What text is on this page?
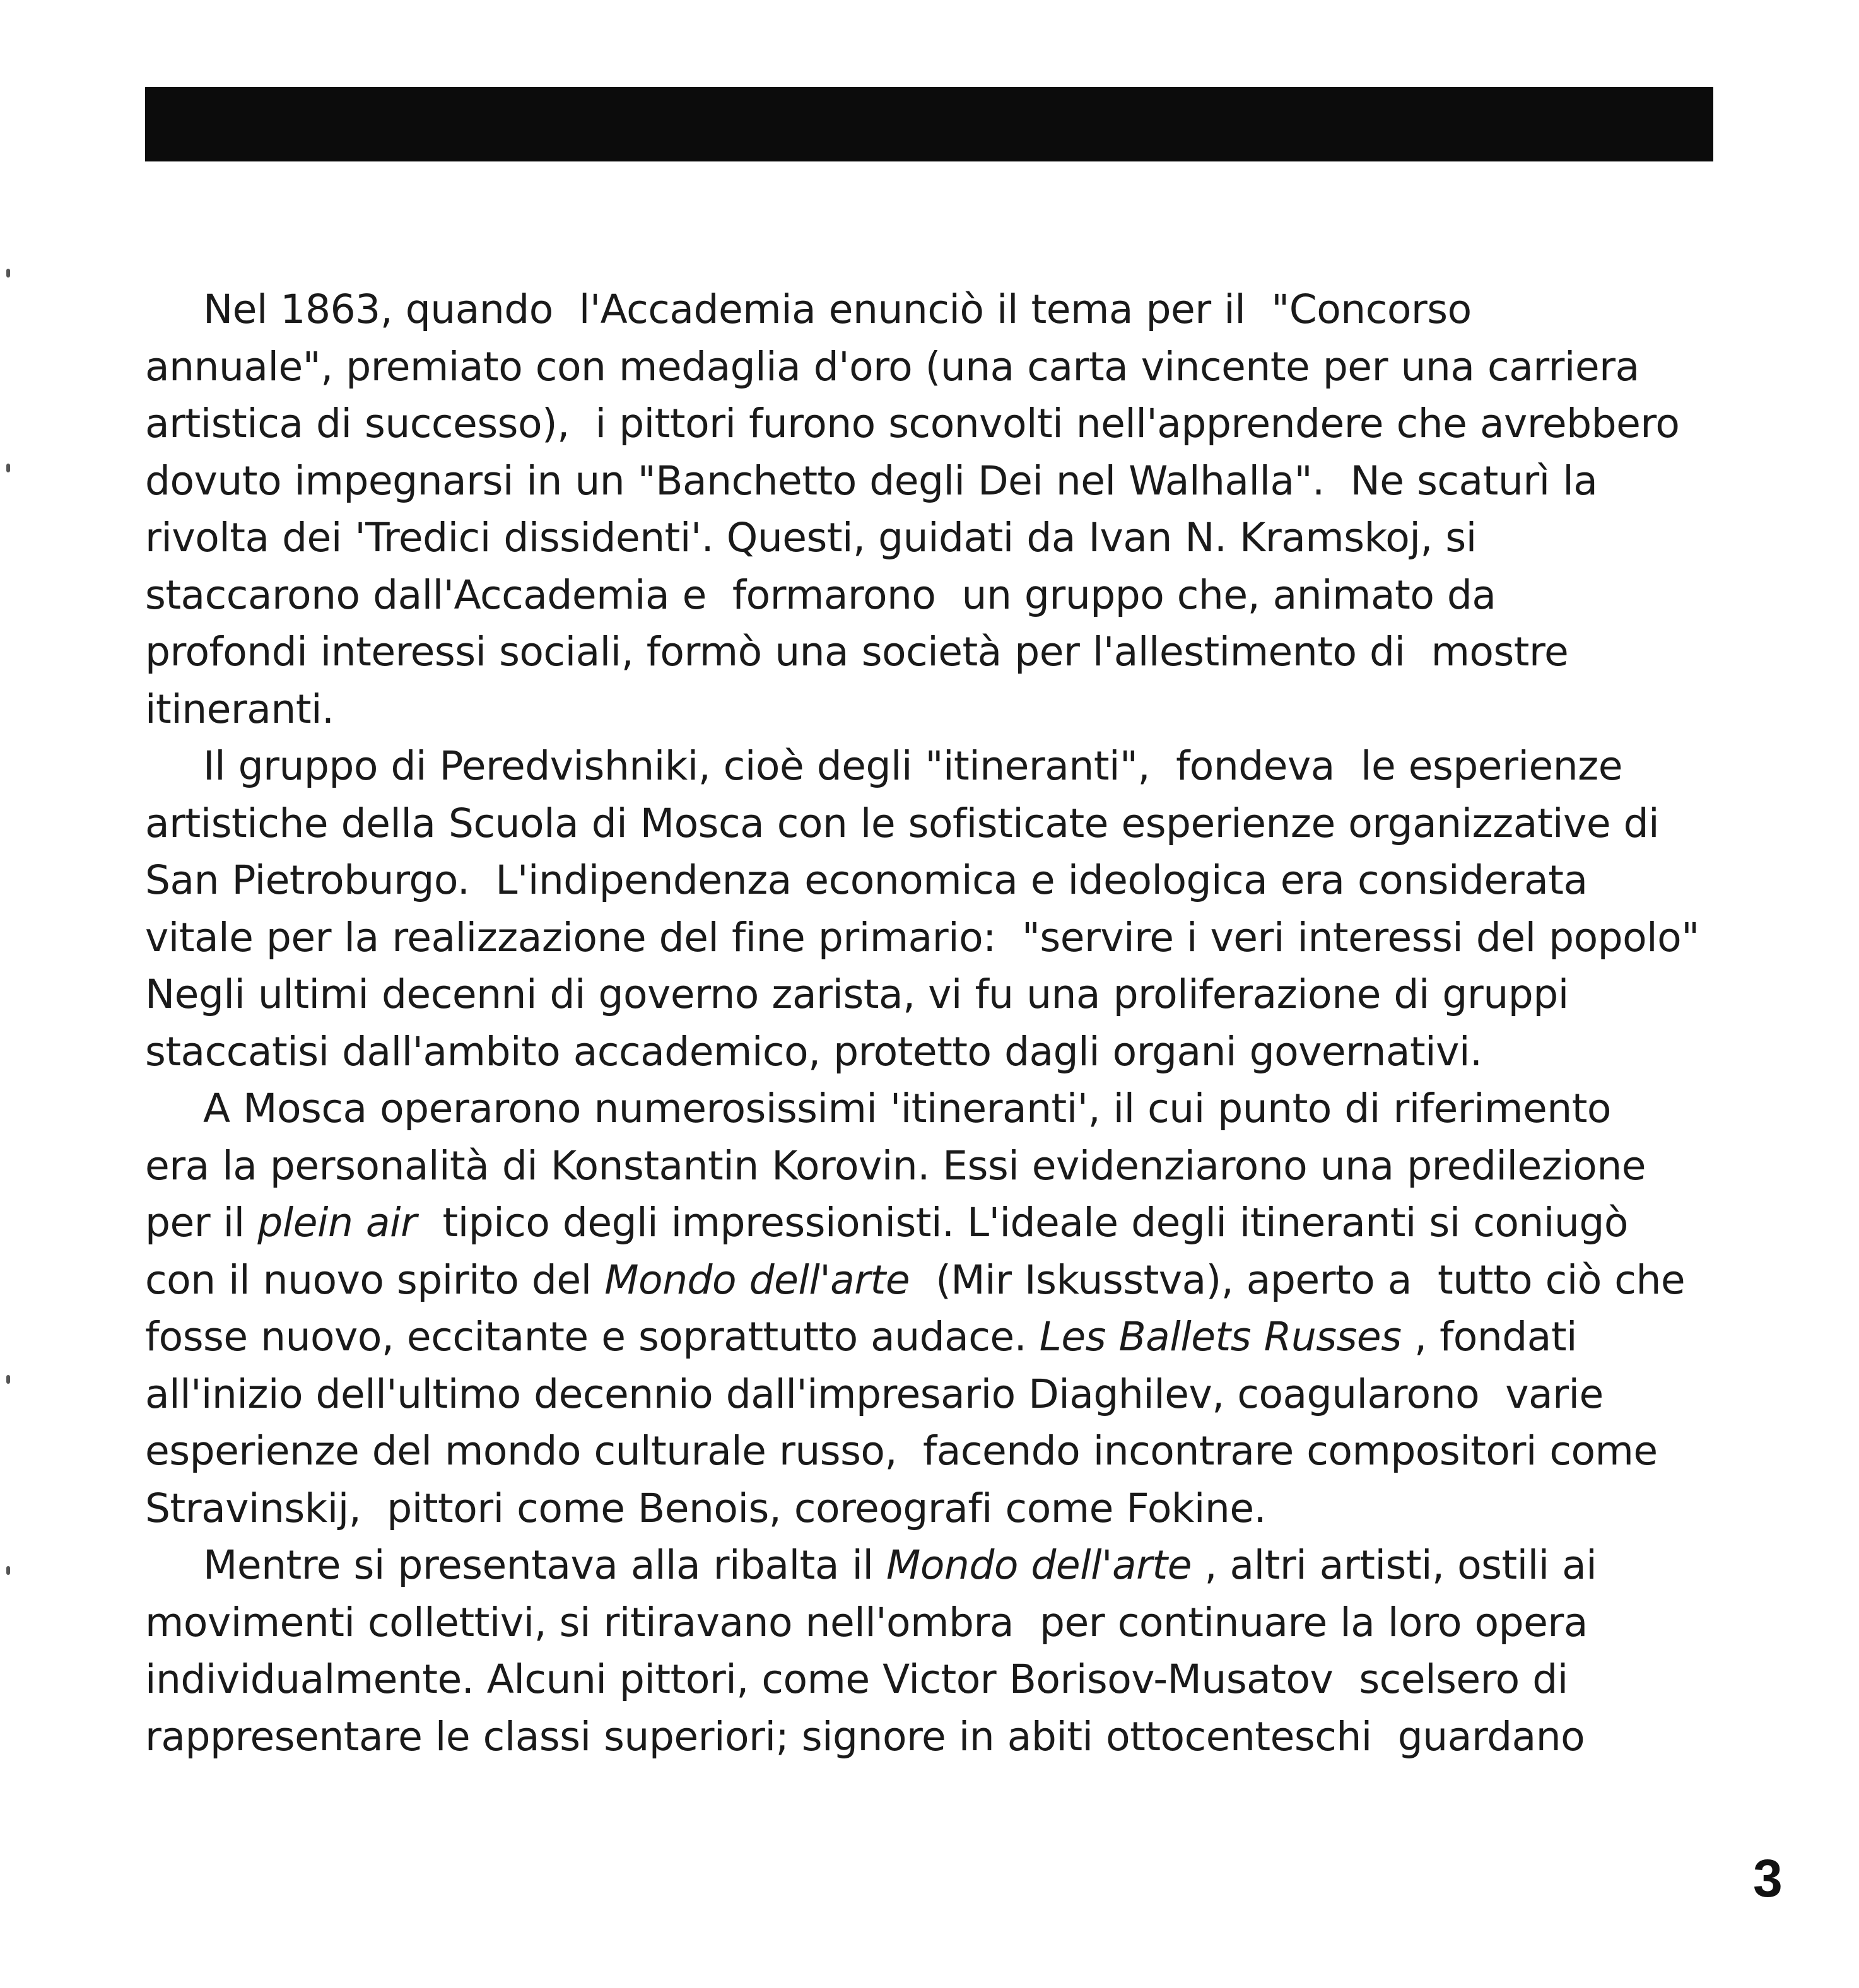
Nel 1863, quando  l'Accademia enunciò il tema per il  "Concorso
annuale", premiato con medaglia d'oro (una carta vincente per una carriera
artistica di successo),  i pittori furono sconvolti nell'apprendere che avrebbero
dovuto impegnarsi in un "Banchetto degli Dei nel Walhalla".  Ne scaturì la
rivolta dei 'Tredici dissidenti'. Questi, guidati da Ivan N. Kramskoj, si
staccarono dall'Accademia e  formarono  un gruppo che, animato da
profondi interessi sociali, formò una società per l'allestimento di  mostre
itineranti.
Il gruppo di Peredvishniki, cioè degli "itineranti",  fondeva  le esperienze
artistiche della Scuola di Mosca con le sofisticate esperienze organizzative di
San Pietroburgo.  L'indipendenza economica e ideologica era considerata
vitale per la realizzazione del fine primario:  "servire i veri interessi del popolo"
Negli ultimi decenni di governo zarista, vi fu una proliferazione di gruppi
staccatisi dall'ambito accademico, protetto dagli organi governativi.
A Mosca operarono numerosissimi 'itineranti', il cui punto di riferimento
era la personalità di Konstantin Korovin. Essi evidenziarono una predilezione
per il plein air  tipico degli impressionisti. L'ideale degli itineranti si coniugò
con il nuovo spirito del Mondo dell'arte  (Mir Iskusstva), aperto a  tutto ciò che
fosse nuovo, eccitante e soprattutto audace. Les Ballets Russes , fondati
all'inizio dell'ultimo decennio dall'impresario Diaghilev, coagularono  varie
esperienze del mondo culturale russo,  facendo incontrare compositori come
Stravinskij,  pittori come Benois, coreografi come Fokine.
Mentre si presentava alla ribalta il Mondo dell'arte , altri artisti, ostili ai
movimenti collettivi, si ritiravano nell'ombra  per continuare la loro opera
individualmente. Alcuni pittori, come Victor Borisov-Musatov  scelsero di
rappresentare le classi superiori; signore in abiti ottocenteschi  guardano
3
